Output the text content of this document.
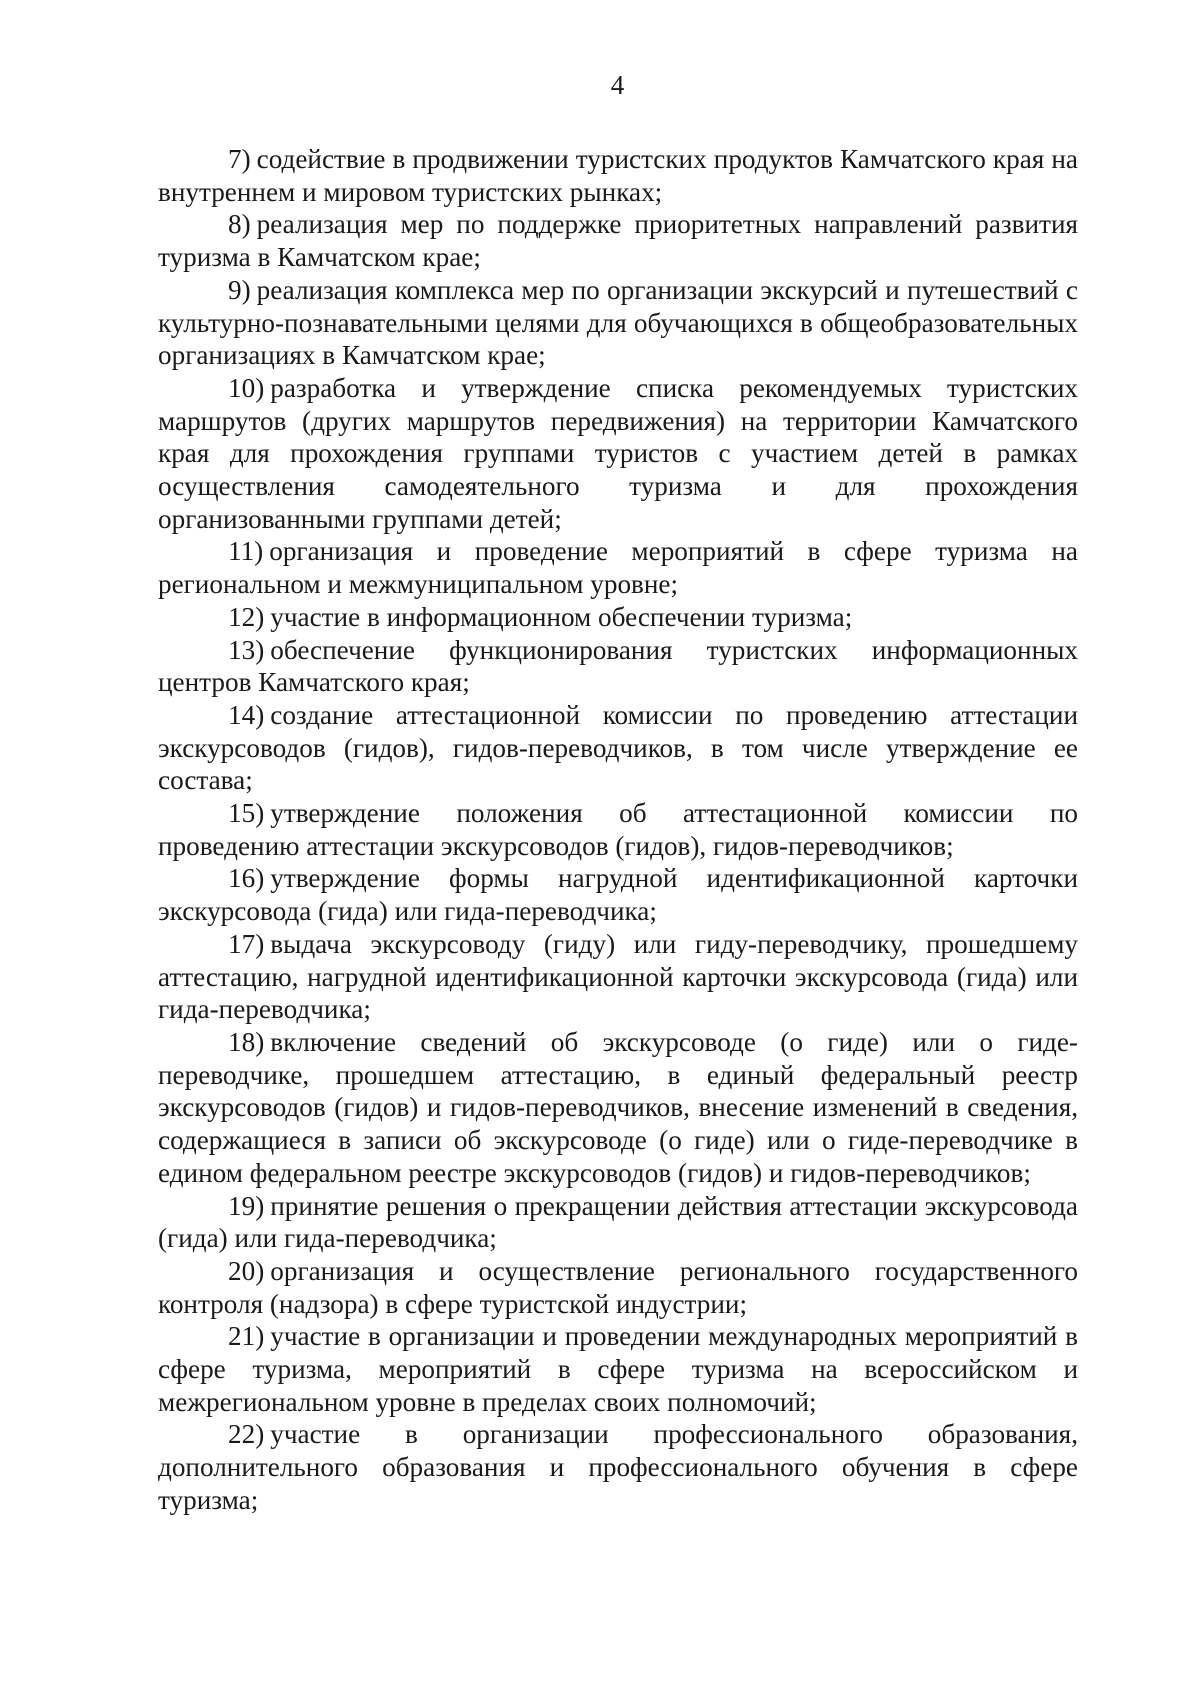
4

7) содействие в продвижении туристских продуктов Камчатского края на внутреннем и мировом туристских рынках;

8) реализация мер по поддержке приоритетных направлений развития туризма в Камчатском крае;

9) реализация комплекса мер по организации экскурсий и путешествий с культурно-познавательными целями для обучающихся в общеобразовательных организациях в Камчатском крае;

10) разработка и утверждение списка рекомендуемых туристских маршрутов (других маршрутов передвижения) на территории Камчатского края для прохождения группами туристов с участием детей в рамках осуществления самодеятельного туризма и для прохождения организованными группами детей;

11) организация и проведение мероприятий в сфере туризма на региональном и межмуниципальном уровне;

12) участие в информационном обеспечении туризма;

13) обеспечение функционирования туристских информационных центров Камчатского края;

14) создание аттестационной комиссии по проведению аттестации экскурсоводов (гидов), гидов-переводчиков, в том числе утверждение ее состава;

15) утверждение положения об аттестационной комиссии по проведению аттестации экскурсоводов (гидов), гидов-переводчиков;

16) утверждение формы нагрудной идентификационной карточки экскурсовода (гида) или гида-переводчика;

17) выдача экскурсоводу (гиду) или гиду-переводчику, прошедшему аттестацию, нагрудной идентификационной карточки экскурсовода (гида) или гида-переводчика;

18) включение сведений об экскурсоводе (о гиде) или о гиде-переводчике, прошедшем аттестацию, в единый федеральный реестр экскурсоводов (гидов) и гидов-переводчиков, внесение изменений в сведения, содержащиеся в записи об экскурсоводе (о гиде) или о гиде-переводчике в едином федеральном реестре экскурсоводов (гидов) и гидов-переводчиков;

19) принятие решения о прекращении действия аттестации экскурсовода (гида) или гида-переводчика;

20) организация и осуществление регионального государственного контроля (надзора) в сфере туристской индустрии;

21) участие в организации и проведении международных мероприятий в сфере туризма, мероприятий в сфере туризма на всероссийском и межрегиональном уровне в пределах своих полномочий;

22) участие в организации профессионального образования, дополнительного образования и профессионального обучения в сфере туризма;
